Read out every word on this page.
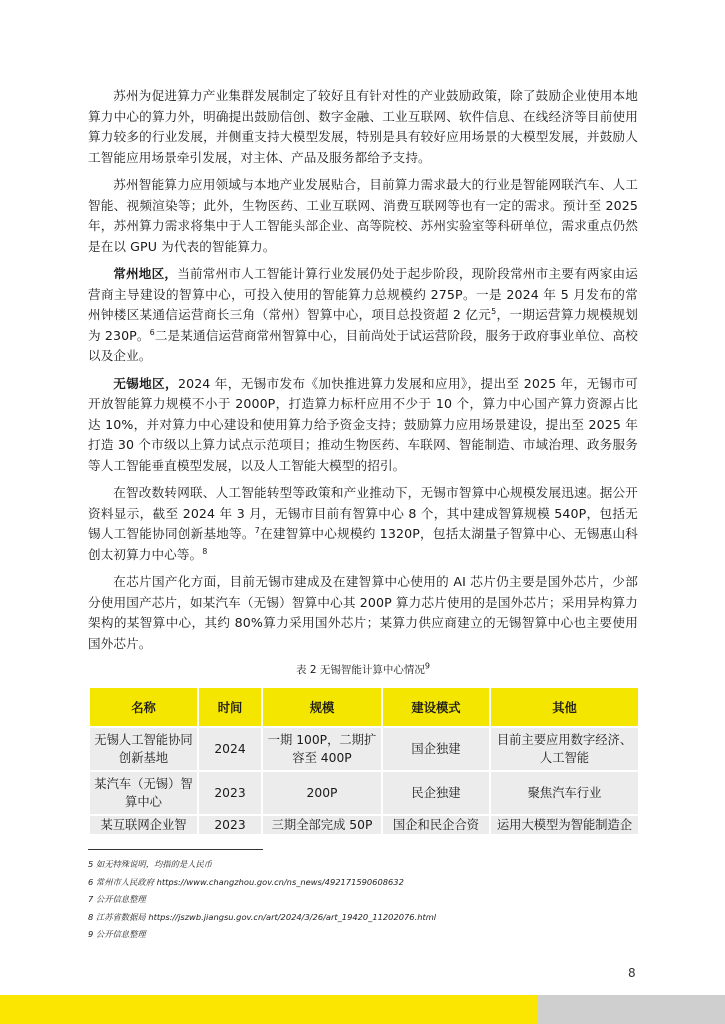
苏州为促进算力产业集群发展制定了较好且有针对性的产业鼓励政策，除了鼓励企业使用本地算力中心的算力外，明确提出鼓励信创、数字金融、工业互联网、软件信息、在线经济等目前使用算力较多的行业发展，并侧重支持大模型发展，特别是具有较好应用场景的大模型发展，并鼓励人工智能应用场景牵引发展，对主体、产品及服务都给予支持。

苏州智能算力应用领域与本地产业发展贴合，目前算力需求最大的行业是智能网联汽车、人工智能、视频渲染等；此外，生物医药、工业互联网、消费互联网等也有一定的需求。预计至 2025 年，苏州算力需求将集中于人工智能头部企业、高等院校、苏州实验室等科研单位，需求重点仍然是在以 GPU 为代表的智能算力。

常州地区，当前常州市人工智能计算行业发展仍处于起步阶段，现阶段常州市主要有两家由运营商主导建设的智算中心，可投入使用的智能算力总规模约 275P。一是 2024 年 5 月发布的常州钟楼区某通信运营商长三角（常州）智算中心，项目总投资超 2 亿元$^5$，一期运营算力规模规划为 230P。$^6$二是某通信运营商常州智算中心，目前尚处于试运营阶段，服务于政府事业单位、高校以及企业。

无锡地区，2024 年，无锡市发布《加快推进算力发展和应用》，提出至 2025 年，无锡市可开放智能算力规模不小于 2000P，打造算力标杆应用不少于 10 个，算力中心国产算力资源占比达 10%，并对算力中心建设和使用算力给予资金支持；鼓励算力应用场景建设，提出至 2025 年打造 30 个市级以上算力试点示范项目；推动生物医药、车联网、智能制造、市域治理、政务服务等人工智能垂直模型发展，以及人工智能大模型的招引。

在智改数转网联、人工智能转型等政策和产业推动下，无锡市智算中心规模发展迅速。据公开资料显示，截至 2024 年 3 月，无锡市目前有智算中心 8 个，其中建成智算规模 540P，包括无锡人工智能协同创新基地等。$^7$在建智算中心规模约 1320P，包括太湖量子智算中心、无锡惠山科创太初算力中心等。$^8$

在芯片国产化方面，目前无锡市建成及在建智算中心使用的 AI 芯片仍主要是国外芯片，少部分使用国产芯片，如某汽车（无锡）智算中心其 200P 算力芯片使用的是国外芯片；采用异构算力架构的某智算中心，其约 80%算力采用国外芯片；某算力供应商建立的无锡智算中心也主要使用国外芯片。

表 2 无锡智能计算中心情况$^9$
名称	时间	规模	建设模式	其他
无锡人工智能协同创新基地	2024	一期 100P，二期扩容至 400P	国企独建	目前主要应用数字经济、人工智能
某汽车（无锡）智算中心	2023	200P	民企独建	聚焦汽车行业
某互联网企业智	2023	三期全部完成 50P	国企和民企合资	运用大模型为智能制造企
5 如无特殊说明，均指的是人民币
6 常州市人民政府 https://www.changzhou.gov.cn/ns_news/492171590608632
7 公开信息整理
8 江苏省数据局 https://jszwb.jiangsu.gov.cn/art/2024/3/26/art_19420_11202076.html
9 公开信息整理
8
